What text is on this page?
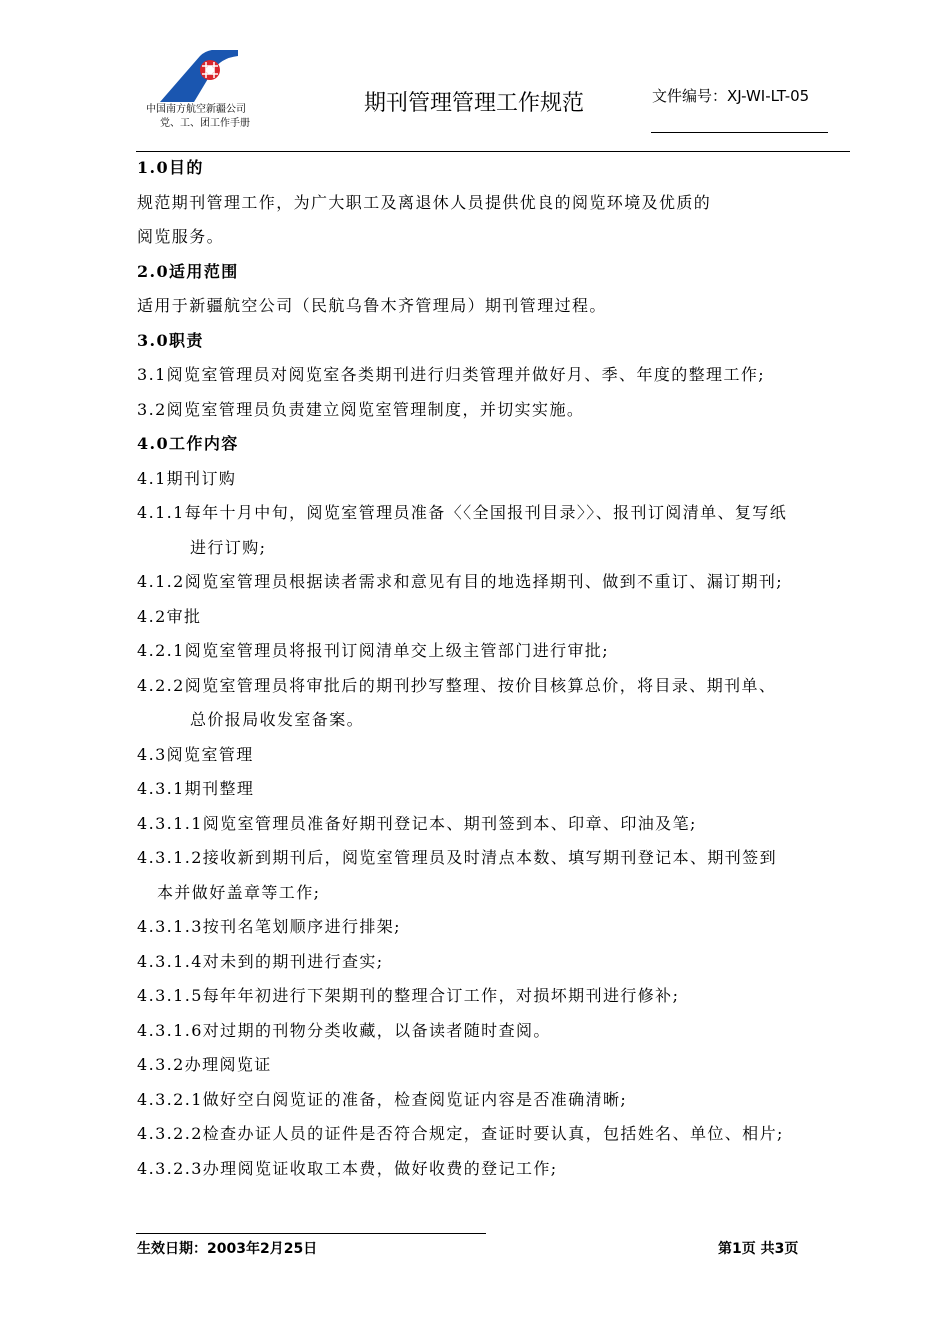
中国南方航空新疆公司
党、工、团工作手册
期刊管理管理工作规范	文件编号：XJ-WI-LT-05
1.0目的
规范期刊管理工作，为广大职工及离退休人员提供优良的阅览环境及优质的
阅览服务。
2.0适用范围
适用于新疆航空公司（民航乌鲁木齐管理局）期刊管理过程。
3.0职责
3.1阅览室管理员对阅览室各类期刊进行归类管理并做好月、季、年度的整理工作;
3.2阅览室管理员负责建立阅览室管理制度，并切实实施。
4.0工作内容
4.1期刊订购
4.1.1每年十月中旬，阅览室管理员准备〈〈全国报刊目录〉〉、报刊订阅清单、复写纸
进行订购;
4.1.2阅览室管理员根据读者需求和意见有目的地选择期刊、做到不重订、漏订期刊;
4.2审批
4.2.1阅览室管理员将报刊订阅清单交上级主管部门进行审批;
4.2.2阅览室管理员将审批后的期刊抄写整理、按价目核算总价，将目录、期刊单、
总价报局收发室备案。
4.3阅览室管理
4.3.1期刊整理
4.3.1.1阅览室管理员准备好期刊登记本、期刊签到本、印章、印油及笔;
4.3.1.2接收新到期刊后，阅览室管理员及时清点本数、填写期刊登记本、期刊签到
本并做好盖章等工作;
4.3.1.3按刊名笔划顺序进行排架;
4.3.1.4对未到的期刊进行查实;
4.3.1.5每年年初进行下架期刊的整理合订工作，对损坏期刊进行修补;
4.3.1.6对过期的刊物分类收藏，以备读者随时查阅。
4.3.2办理阅览证
4.3.2.1做好空白阅览证的准备，检查阅览证内容是否准确清晰;
4.3.2.2检查办证人员的证件是否符合规定，查证时要认真，包括姓名、单位、相片;
4.3.2.3办理阅览证收取工本费，做好收费的登记工作;
生效日期：2003年2月25日	第1页 共3页
